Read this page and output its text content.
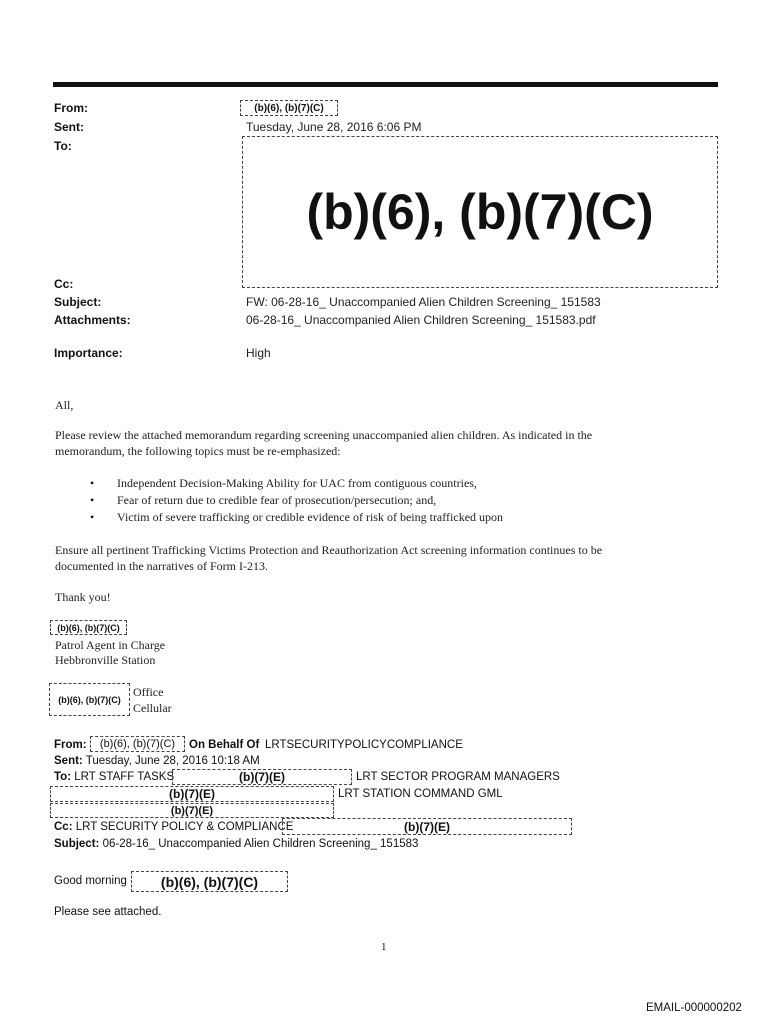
From:	(b)(6), (b)(7)(C)
Sent:	Tuesday, June 28, 2016 6:06 PM
To:
(b)(6), (b)(7)(C)
Cc:
Subject:	FW: 06-28-16_ Unaccompanied Alien Children Screening_ 151583
Attachments:	06-28-16_ Unaccompanied Alien Children Screening_ 151583.pdf
Importance:	High
All,
Please review the attached memorandum regarding screening unaccompanied alien children. As indicated in the
memorandum, the following topics must be re-emphasized:
• Independent Decision-Making Ability for UAC from contiguous countries,
• Fear of return due to credible fear of prosecution/persecution; and,
• Victim of severe trafficking or credible evidence of risk of being trafficked upon
Ensure all pertinent Trafficking Victims Protection and Reauthorization Act screening information continues to be
documented in the narratives of Form I-213.
Thank you!
(b)(6), (b)(7)(C)
Patrol Agent in Charge
Hebbronville Station
(b)(6), (b)(7)(C)
Office
Cellular
From:	(b)(6), (b)(7)(C)	On Behalf Of LRTSECURITYPOLICYCOMPLIANCE
Sent: Tuesday, June 28, 2016 10:18 AM
To: LRT STAFF TASKS	(b)(7)(E)	LRT SECTOR PROGRAM MANAGERS
(b)(7)(E)	LRT STATION COMMAND GML
(b)(7)(E)
Cc: LRT SECURITY POLICY & COMPLIANCE	(b)(7)(E)
Subject: 06-28-16_ Unaccompanied Alien Children Screening_ 151583
Good morning	(b)(6), (b)(7)(C)
Please see attached.
1
EMAIL-000000202
